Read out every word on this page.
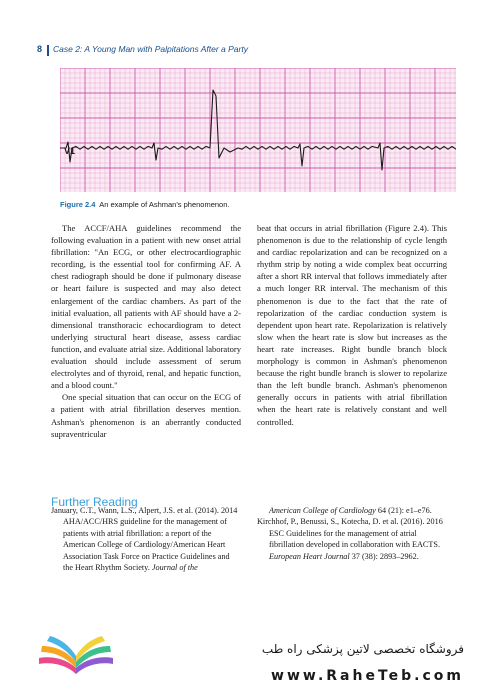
8 Case 2: A Young Man with Palpitations After a Party
V1
Figure 2.4 An example of Ashman's phenomenon.

The ACCF/AHA guidelines recommend the following evaluation in a patient with new onset atrial fibrillation: "An ECG, or other electrocardiographic recording, is the essential tool for confirming AF. A chest radiograph should be done if pulmonary disease or heart failure is suspected and may also detect enlargement of the cardiac chambers. As part of the initial evaluation, all patients with AF should have a 2-dimensional transthoracic echocardiogram to detect underlying structural heart disease, assess cardiac function, and evaluate atrial size. Additional laboratory evaluation should include assessment of serum electrolytes and of thyroid, renal, and hepatic function, and a blood count."

One special situation that can occur on the ECG of a patient with atrial fibrillation deserves mention. Ashman's phenomenon is an aberrantly conducted supraventricular

beat that occurs in atrial fibrillation (Figure 2.4). This phenomenon is due to the relationship of cycle length and cardiac repolarization and can be recognized on a rhythm strip by noting a wide complex beat occurring after a short RR interval that follows immediately after a much longer RR interval. The mechanism of this phenomenon is due to the fact that the rate of repolarization of the cardiac conduction system is dependent upon heart rate. Repolarization is relatively slow when the heart rate is slow but increases as the heart rate increases. Right bundle branch block morphology is common in Ashman's phenomenon because the right bundle branch is slower to repolarize than the left bundle branch. Ashman's phenomenon generally occurs in patients with atrial fibrillation when the heart rate is relatively constant and well controlled.

Further Reading
January, C.T., Wann, L.S., Alpert, J.S. et al. (2014). 2014 AHA/ACC/HRS guideline for the management of patients with atrial fibrillation: a report of the American College of Cardiology/American Heart Association Task Force on Practice Guidelines and the Heart Rhythm Society. Journal of the
American College of Cardiology 64 (21): e1–e76.
Kirchhof, P., Benussi, S., Kotecha, D. et al. (2016). 2016 ESC Guidelines for the management of atrial fibrillation developed in collaboration with EACTS. European Heart Journal 37 (38): 2893–2962.
فروشگاه تخصصی لاتین پزشکی راه طب
www.RaheTeb.com
